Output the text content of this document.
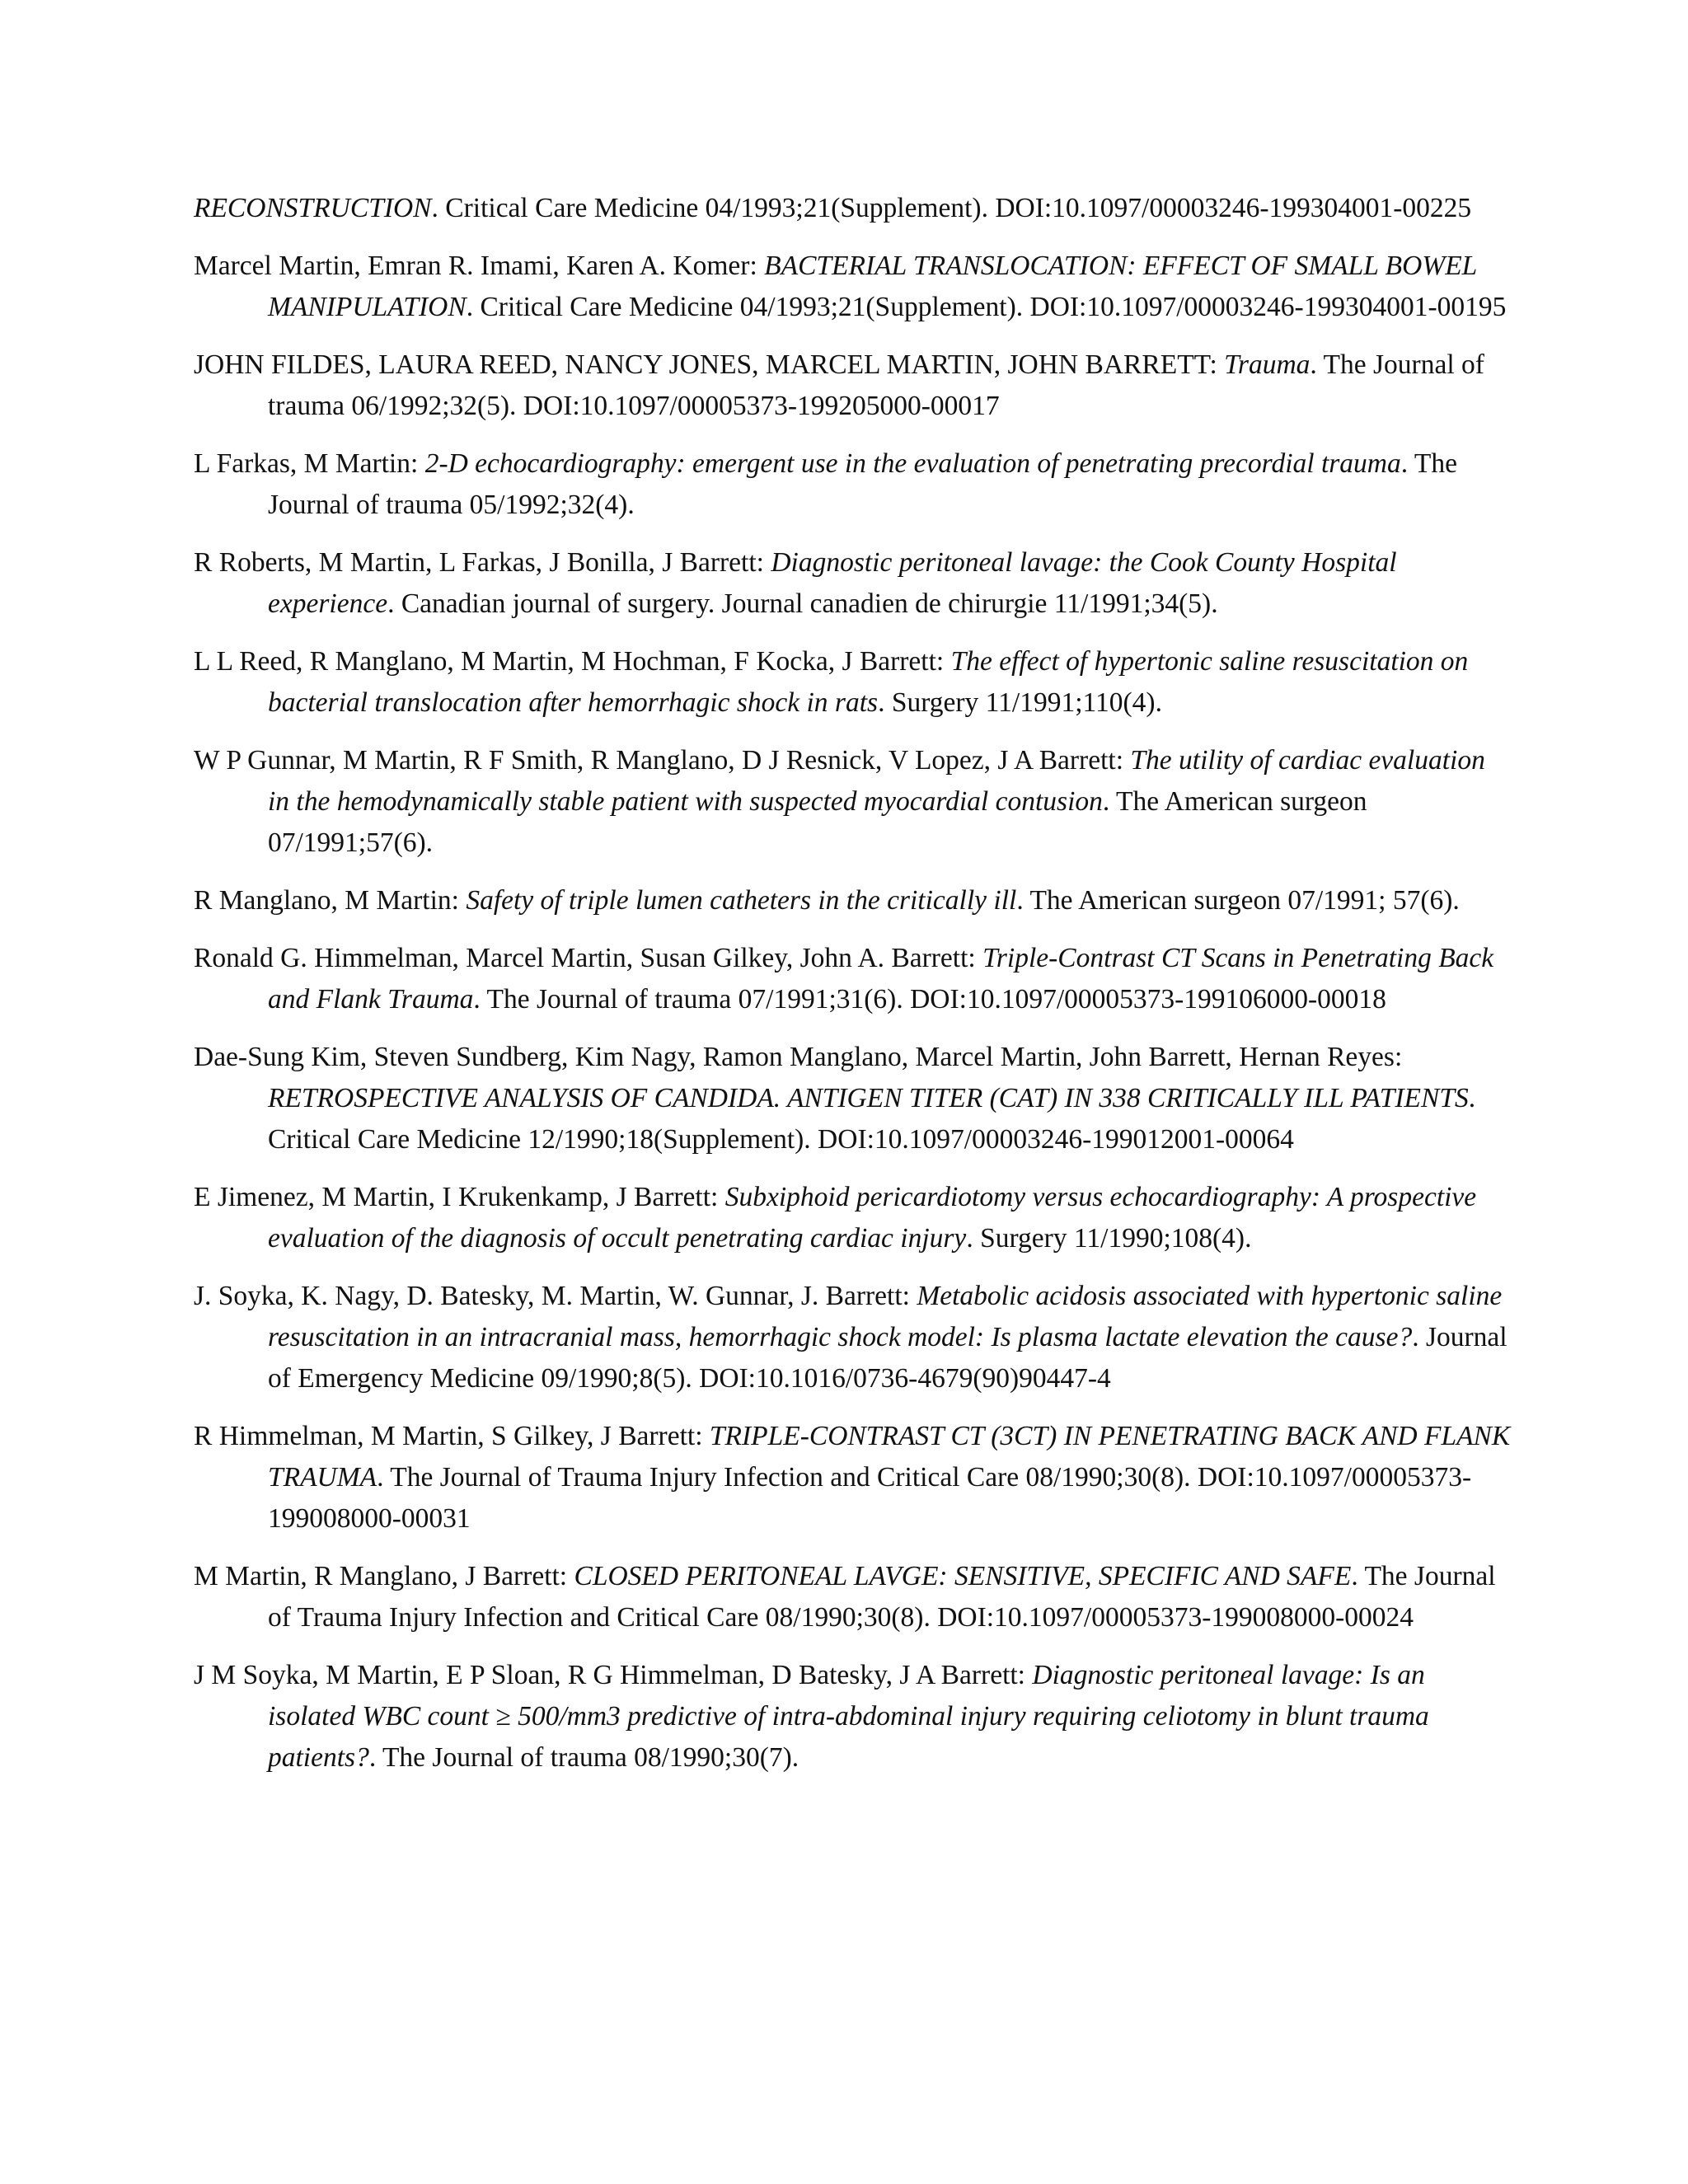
RECONSTRUCTION. Critical Care Medicine 04/1993;21(Supplement). DOI:10.1097/00003246-199304001-00225

Marcel Martin, Emran R. Imami, Karen A. Komer: BACTERIAL TRANSLOCATION: EFFECT OF SMALL BOWEL MANIPULATION. Critical Care Medicine 04/1993;21(Supplement). DOI:10.1097/00003246-199304001-00195

JOHN FILDES, LAURA REED, NANCY JONES, MARCEL MARTIN, JOHN BARRETT: Trauma. The Journal of trauma 06/1992;32(5). DOI:10.1097/00005373-199205000-00017

L Farkas, M Martin: 2-D echocardiography: emergent use in the evaluation of penetrating precordial trauma. The Journal of trauma 05/1992;32(4).

R Roberts, M Martin, L Farkas, J Bonilla, J Barrett: Diagnostic peritoneal lavage: the Cook County Hospital experience. Canadian journal of surgery. Journal canadien de chirurgie 11/1991;34(5).

L L Reed, R Manglano, M Martin, M Hochman, F Kocka, J Barrett: The effect of hypertonic saline resuscitation on bacterial translocation after hemorrhagic shock in rats. Surgery 11/1991;110(4).

W P Gunnar, M Martin, R F Smith, R Manglano, D J Resnick, V Lopez, J A Barrett: The utility of cardiac evaluation in the hemodynamically stable patient with suspected myocardial contusion. The American surgeon 07/1991;57(6).

R Manglano, M Martin: Safety of triple lumen catheters in the critically ill. The American surgeon 07/1991; 57(6).

Ronald G. Himmelman, Marcel Martin, Susan Gilkey, John A. Barrett: Triple-Contrast CT Scans in Penetrating Back and Flank Trauma. The Journal of trauma 07/1991;31(6). DOI:10.1097/00005373-199106000-00018

Dae-Sung Kim, Steven Sundberg, Kim Nagy, Ramon Manglano, Marcel Martin, John Barrett, Hernan Reyes: RETROSPECTIVE ANALYSIS OF CANDIDA. ANTIGEN TITER (CAT) IN 338 CRITICALLY ILL PATIENTS. Critical Care Medicine 12/1990;18(Supplement). DOI:10.1097/00003246-199012001-00064

E Jimenez, M Martin, I Krukenkamp, J Barrett: Subxiphoid pericardiotomy versus echocardiography: A prospective evaluation of the diagnosis of occult penetrating cardiac injury. Surgery 11/1990;108(4).

J. Soyka, K. Nagy, D. Batesky, M. Martin, W. Gunnar, J. Barrett: Metabolic acidosis associated with hypertonic saline resuscitation in an intracranial mass, hemorrhagic shock model: Is plasma lactate elevation the cause?. Journal of Emergency Medicine 09/1990;8(5). DOI:10.1016/0736-4679(90)90447-4

R Himmelman, M Martin, S Gilkey, J Barrett: TRIPLE-CONTRAST CT (3CT) IN PENETRATING BACK AND FLANK TRAUMA. The Journal of Trauma Injury Infection and Critical Care 08/1990;30(8). DOI:10.1097/00005373-199008000-00031

M Martin, R Manglano, J Barrett: CLOSED PERITONEAL LAVGE: SENSITIVE, SPECIFIC AND SAFE. The Journal of Trauma Injury Infection and Critical Care 08/1990;30(8). DOI:10.1097/00005373-199008000-00024

J M Soyka, M Martin, E P Sloan, R G Himmelman, D Batesky, J A Barrett: Diagnostic peritoneal lavage: Is an isolated WBC count ≥ 500/mm3 predictive of intra-abdominal injury requiring celiotomy in blunt trauma patients?. The Journal of trauma 08/1990;30(7).
